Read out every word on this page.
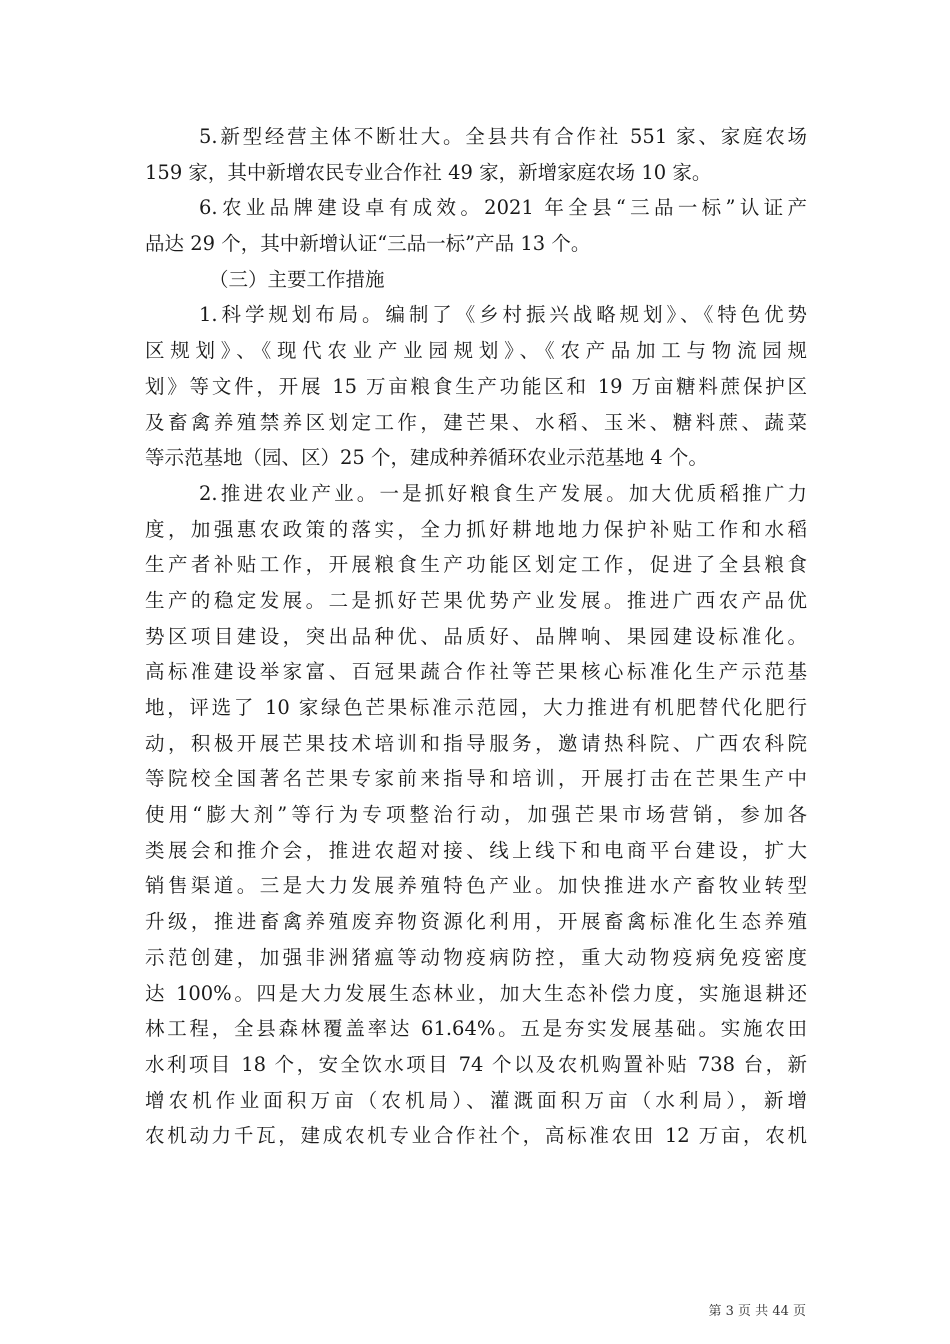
5.新型经营主体不断壮大。全县共有合作社 551 家、家庭农场
159 家，其中新增农民专业合作社 49 家，新增家庭农场 10 家。
6.农业品牌建设卓有成效。2021 年全县“三品一标”认证产
品达 29 个，其中新增认证“三品一标”产品 13 个。
（三）主要工作措施
1.科学规划布局。编制了《乡村振兴战略规划》、《特色优势
区规划》、《现代农业产业园规划》、《农产品加工与物流园规
划》等文件，开展 15 万亩粮食生产功能区和 19 万亩糖料蔗保护区
及畜禽养殖禁养区划定工作，建芒果、水稻、玉米、糖料蔗、蔬菜
等示范基地（园、区）25 个，建成种养循环农业示范基地 4 个。
2.推进农业产业。一是抓好粮食生产发展。加大优质稻推广力
度，加强惠农政策的落实，全力抓好耕地地力保护补贴工作和水稻
生产者补贴工作，开展粮食生产功能区划定工作，促进了全县粮食
生产的稳定发展。二是抓好芒果优势产业发展。推进广西农产品优
势区项目建设，突出品种优、品质好、品牌响、果园建设标准化。
高标准建设举家富、百冠果蔬合作社等芒果核心标准化生产示范基
地，评选了 10 家绿色芒果标准示范园，大力推进有机肥替代化肥行
动，积极开展芒果技术培训和指导服务，邀请热科院、广西农科院
等院校全国著名芒果专家前来指导和培训，开展打击在芒果生产中
使用“膨大剂”等行为专项整治行动，加强芒果市场营销，参加各
类展会和推介会，推进农超对接、线上线下和电商平台建设，扩大
销售渠道。三是大力发展养殖特色产业。加快推进水产畜牧业转型
升级，推进畜禽养殖废弃物资源化利用，开展畜禽标准化生态养殖
示范创建，加强非洲猪瘟等动物疫病防控，重大动物疫病免疫密度
达 100%。四是大力发展生态林业，加大生态补偿力度，实施退耕还
林工程，全县森林覆盖率达 61.64%。五是夯实发展基础。实施农田
水利项目 18 个，安全饮水项目 74 个以及农机购置补贴 738 台，新
增农机作业面积万亩（农机局）、灌溉面积万亩（水利局），新增
农机动力千瓦，建成农机专业合作社个，高标准农田 12 万亩，农机
第 3 页 共 44 页
